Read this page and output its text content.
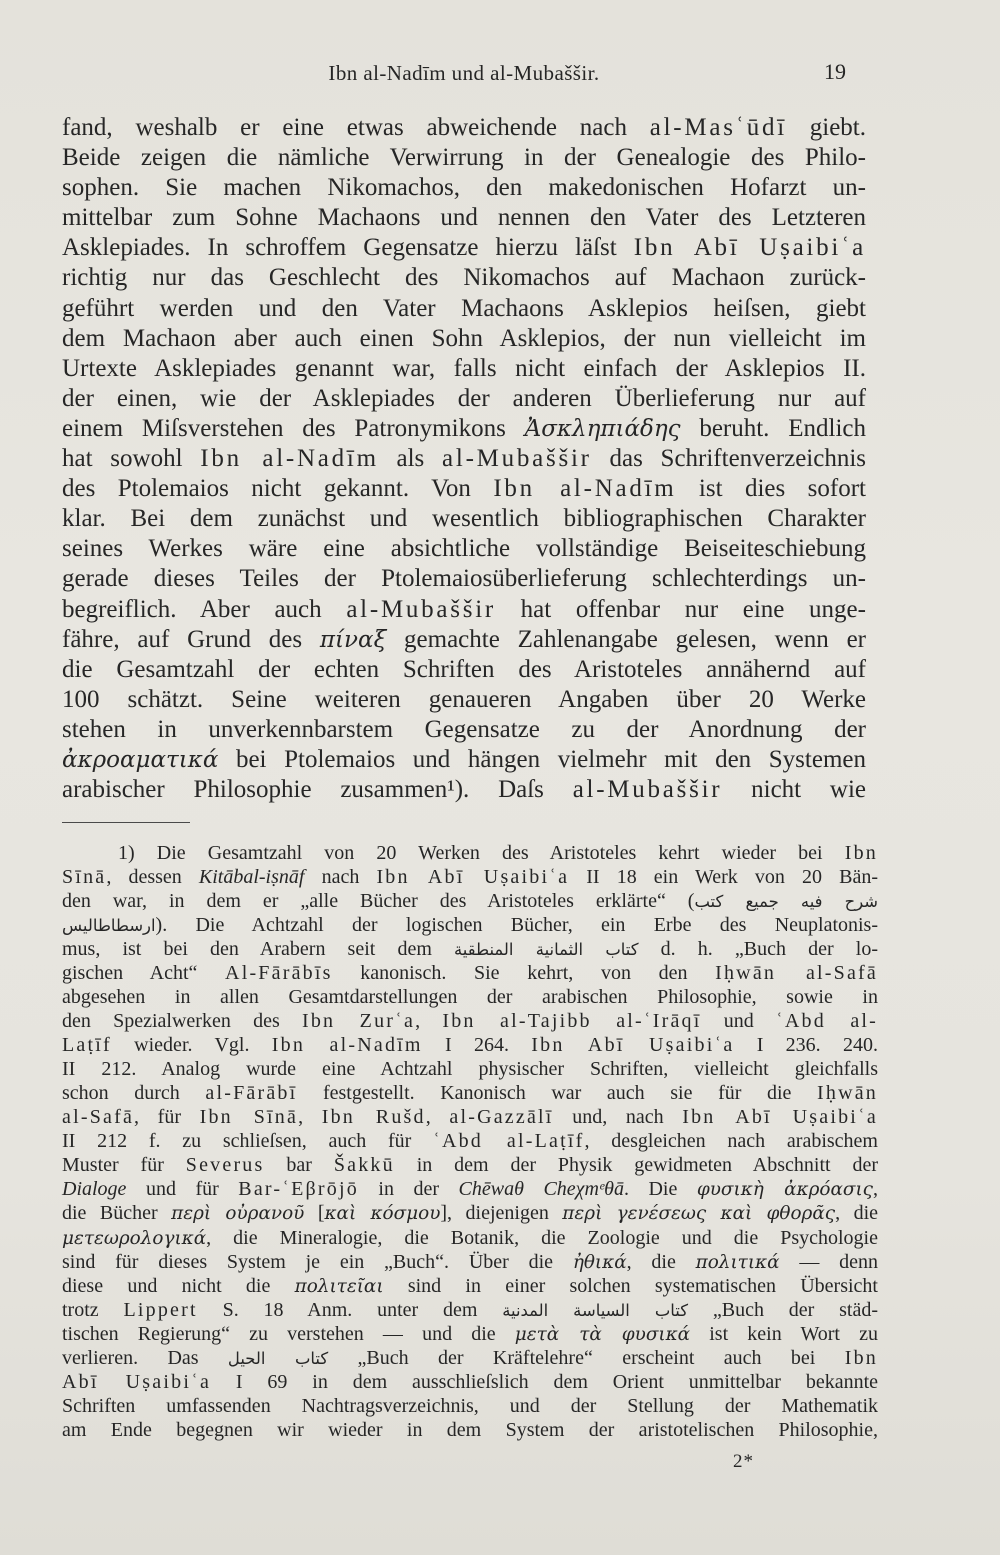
Ibn al-Nadīm und al-Mubaššir.	19
fand, weshalb er eine etwas abweichende nach al-Masʿūdī giebt.
Beide zeigen die nämliche Verwirrung in der Genealogie des Philo-
sophen. Sie machen Nikomachos, den makedonischen Hofarzt un-
mittelbar zum Sohne Machaons und nennen den Vater des Letzteren
Asklepiades. In schroffem Gegensatze hierzu läſst Ibn Abī Uṣaibiʿa
richtig nur das Geschlecht des Nikomachos auf Machaon zurück-
geführt werden und den Vater Machaons Asklepios heiſsen, giebt
dem Machaon aber auch einen Sohn Asklepios, der nun vielleicht im
Urtexte Asklepiades genannt war, falls nicht einfach der Asklepios II.
der einen, wie der Asklepiades der anderen Überlieferung nur auf
einem Miſsverstehen des Patronymikons Ἀσκληπιάδης beruht. Endlich
hat sowohl Ibn al-Nadīm als al-Mubaššir das Schriftenverzeichnis
des Ptolemaios nicht gekannt. Von Ibn al-Nadīm ist dies sofort
klar. Bei dem zunächst und wesentlich bibliographischen Charakter
seines Werkes wäre eine absichtliche vollständige Beiseiteschiebung
gerade dieses Teiles der Ptolemaiosüberlieferung schlechterdings un-
begreiflich. Aber auch al-Mubaššir hat offenbar nur eine unge-
fähre, auf Grund des πίναξ gemachte Zahlenangabe gelesen, wenn er
die Gesamtzahl der echten Schriften des Aristoteles annähernd auf
100 schätzt. Seine weiteren genaueren Angaben über 20 Werke
stehen in unverkennbarstem Gegensatze zu der Anordnung der
ἀκροαματικά bei Ptolemaios und hängen vielmehr mit den Systemen
arabischer Philosophie zusammen¹). Daſs al-Mubaššir nicht wie
1) Die Gesamtzahl von 20 Werken des Aristoteles kehrt wieder bei Ibn
Sīnā, dessen Kitābal-iṣnāf nach Ibn Abī Uṣaibiʿa II 18 ein Werk von 20 Bän-
den war, in dem er „alle Bücher des Aristoteles erklärte“ (شرح فيه جميع كتب
ارسطاطاليس). Die Achtzahl der logischen Bücher, ein Erbe des Neuplatonis-
mus, ist bei den Arabern seit dem كتاب الثمانية المنطقية d. h. „Buch der lo-
gischen Acht“ Al-Fārābīs kanonisch. Sie kehrt, von den Iḥwān al-Safā
abgesehen in allen Gesamtdarstellungen der arabischen Philosophie, sowie in
den Spezialwerken des Ibn Zurʿa, Ibn al-Tajibb al-ʿIrāqī und ʿAbd al-
Laṭīf wieder. Vgl. Ibn al-Nadīm I 264. Ibn Abī Uṣaibiʿa I 236. 240.
II 212. Analog wurde eine Achtzahl physischer Schriften, vielleicht gleichfalls
schon durch al-Fārābī festgestellt. Kanonisch war auch sie für die Iḥwān
al-Safā, für Ibn Sīnā, Ibn Rušd, al-Gazzālī und, nach Ibn Abī Uṣaibiʿa
II 212 f. zu schlieſsen, auch für ʿAbd al-Laṭīf, desgleichen nach arabischem
Muster für Severus bar Šakkū in dem der Physik gewidmeten Abschnitt der
Dialoge und für Bar-ʿEβrōjō in der Chēwaθ Cheχmᵉθā. Die φυσικὴ ἀκρόασις,
die Bücher περὶ οὐρανοῦ [καὶ κόσμου], diejenigen περὶ γενέσεως καὶ φθορᾶς, die
μετεωρολογικά, die Mineralogie, die Botanik, die Zoologie und die Psychologie
sind für dieses System je ein „Buch“. Über die ἠθικά, die πολιτικά — denn
diese und nicht die πολιτεῖαι sind in einer solchen systematischen Übersicht
trotz Lippert S. 18 Anm. unter dem كتاب السياسة المدنية „Buch der städ-
tischen Regierung“ zu verstehen — und die μετὰ τὰ φυσικά ist kein Wort zu
verlieren. Das كتاب الحيل „Buch der Kräftelehre“ erscheint auch bei Ibn
Abī Uṣaibiʿa I 69 in dem ausschlieſslich dem Orient unmittelbar bekannte
Schriften umfassenden Nachtragsverzeichnis, und der Stellung der Mathematik
am Ende begegnen wir wieder in dem System der aristotelischen Philosophie,
2*
